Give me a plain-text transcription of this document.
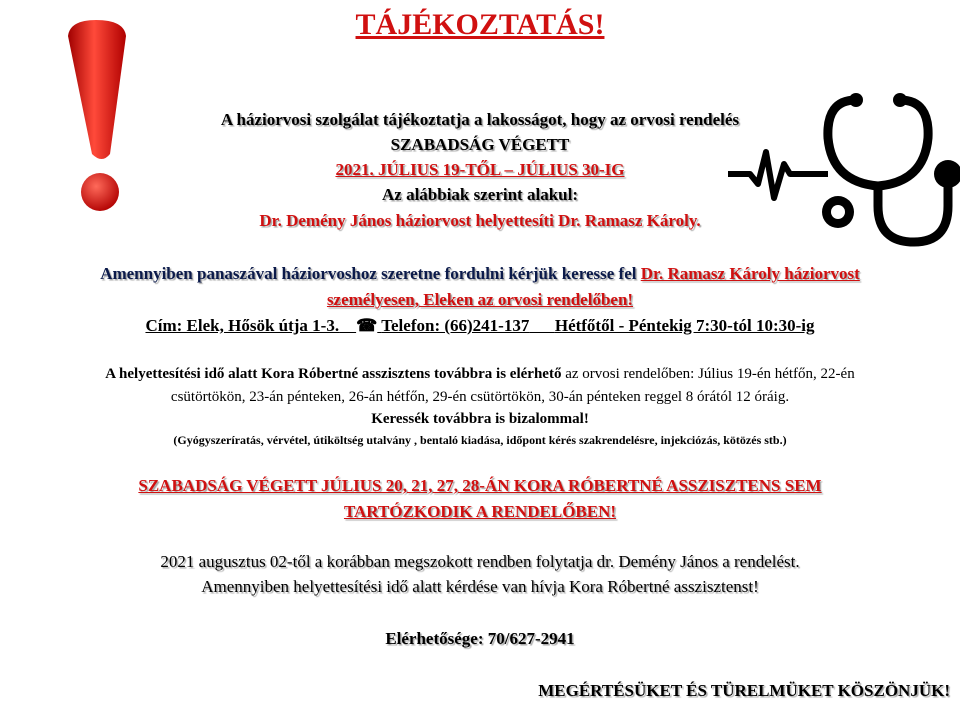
TÁJÉKOZTATÁS!
A háziorvosi szolgálat tájékoztatja a lakosságot, hogy az orvosi rendelés
SZABADSÁG VÉGETT
2021. JÚLIUS 19-TŐL – JÚLIUS 30-IG
Az alábbiak szerint alakul:
Dr. Demény János háziorvost helyettesíti Dr. Ramasz Károly.
Amennyiben panaszával háziorvoshoz szeretne fordulni kérjük keresse fel Dr. Ramasz Károly háziorvost
személyesen, Eleken az orvosi rendelőben!
Cím: Elek, Hősök útja 1-3. ☎ Telefon: (66)241-137 Hétfőtől - Péntekig 7:30-tól 10:30-ig
A helyettesítési idő alatt Kora Róbertné asszisztens továbbra is elérhető az orvosi rendelőben: Július 19-én hétfőn, 22-én
csütörtökön, 23-án pénteken, 26-án hétfőn, 29-én csütörtökön, 30-án pénteken reggel 8 órától 12 óráig.
Keressék továbbra is bizalommal!
(Gyógyszeríratás, vérvétel, útiköltség utalvány , bentaló kiadása, időpont kérés szakrendelésre, injekciózás, kötözés stb.)
SZABADSÁG VÉGETT JÚLIUS 20, 21, 27, 28-ÁN KORA RÓBERTNÉ ASSZISZTENS SEM
TARTÓZKODIK A RENDELŐBEN!
2021 augusztus 02-től a korábban megszokott rendben folytatja dr. Demény János a rendelést.
Amennyiben helyettesítési idő alatt kérdése van hívja Kora Róbertné asszisztenst!
Elérhetősége: 70/627-2941
MEGÉRTÉSÜKET ÉS TÜRELMÜKET KÖSZÖNJÜK!
